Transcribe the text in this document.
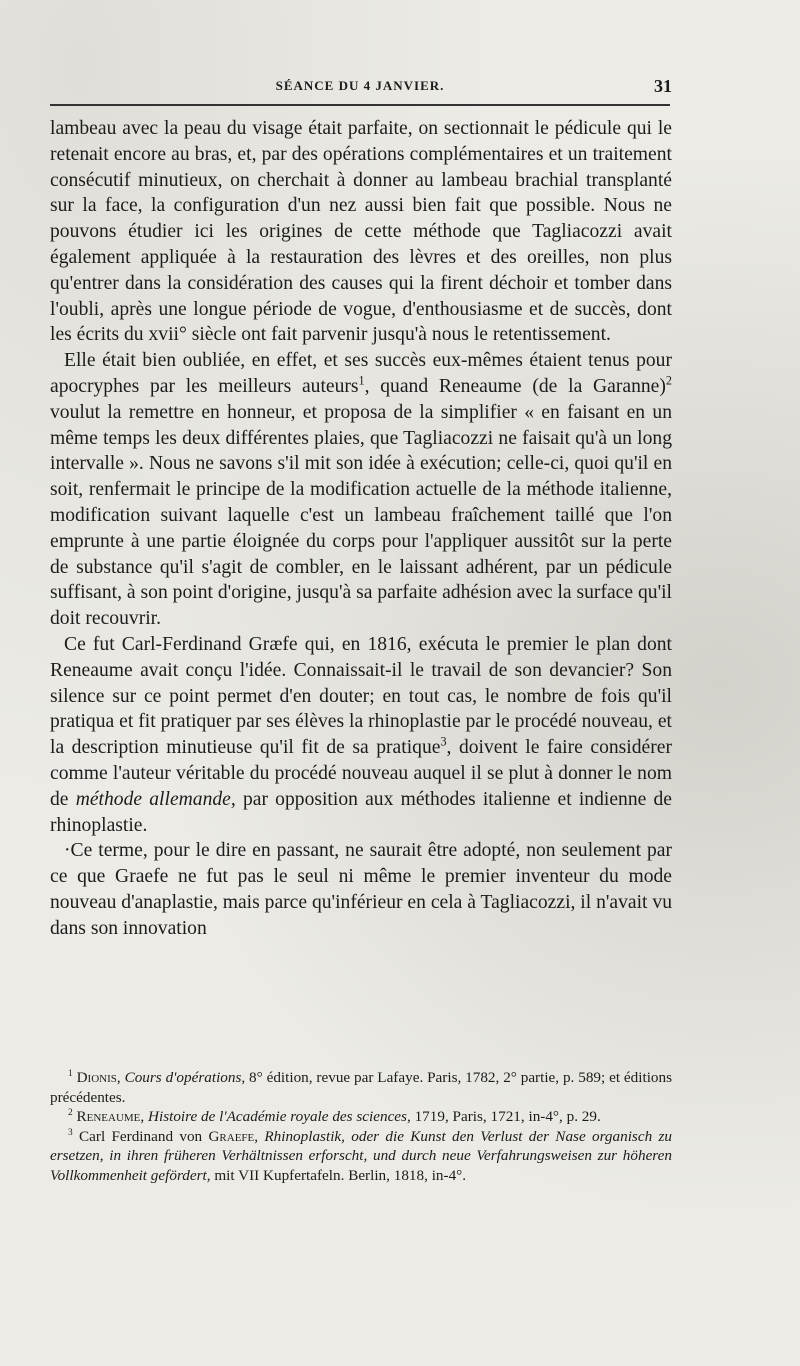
SÉANCE DU 4 JANVIER.	31

lambeau avec la peau du visage était parfaite, on sectionnait le pédicule qui le retenait encore au bras, et, par des opérations complémentaires et un traitement consécutif minutieux, on cherchait à donner au lambeau brachial transplanté sur la face, la configuration d'un nez aussi bien fait que possible. Nous ne pouvons étudier ici les origines de cette méthode que Tagliacozzi avait également appliquée à la restauration des lèvres et des oreilles, non plus qu'entrer dans la considération des causes qui la firent déchoir et tomber dans l'oubli, après une longue période de vogue, d'enthousiasme et de succès, dont les écrits du xvii° siècle ont fait parvenir jusqu'à nous le retentissement.

Elle était bien oubliée, en effet, et ses succès eux-mêmes étaient tenus pour apocryphes par les meilleurs auteurs$^1$, quand Reneaume (de la Garanne)$^2$ voulut la remettre en honneur, et proposa de la simplifier « en faisant en un même temps les deux différentes plaies, que Tagliacozzi ne faisait qu'à un long intervalle ». Nous ne savons s'il mit son idée à exécution; celle-ci, quoi qu'il en soit, renfermait le principe de la modification actuelle de la méthode italienne, modification suivant laquelle c'est un lambeau fraîchement taillé que l'on emprunte à une partie éloignée du corps pour l'appliquer aussitôt sur la perte de substance qu'il s'agit de combler, en le laissant adhérent, par un pédicule suffisant, à son point d'origine, jusqu'à sa parfaite adhésion avec la surface qu'il doit recouvrir.

Ce fut Carl-Ferdinand Græfe qui, en 1816, exécuta le premier le plan dont Reneaume avait conçu l'idée. Connaissait-il le travail de son devancier? Son silence sur ce point permet d'en douter; en tout cas, le nombre de fois qu'il pratiqua et fit pratiquer par ses élèves la rhinoplastie par le procédé nouveau, et la description minutieuse qu'il fit de sa pratique$^3$, doivent le faire considérer comme l'auteur véritable du procédé nouveau auquel il se plut à donner le nom de méthode allemande, par opposition aux méthodes italienne et indienne de rhinoplastie.

·Ce terme, pour le dire en passant, ne saurait être adopté, non seulement par ce que Graefe ne fut pas le seul ni même le premier inventeur du mode nouveau d'anaplastie, mais parce qu'inférieur en cela à Tagliacozzi, il n'avait vu dans son innovation

$^1$ Dionis, Cours d'opérations, 8° édition, revue par Lafaye. Paris, 1782, 2° partie, p. 589; et éditions précédentes.

$^2$ Reneaume, Histoire de l'Académie royale des sciences, 1719, Paris, 1721, in-4°, p. 29.

$^3$ Carl Ferdinand von Graefe, Rhinoplastik, oder die Kunst den Verlust der Nase organisch zu ersetzen, in ihren früheren Verhältnissen erforscht, und durch neue Verfahrungsweisen zur höheren Vollkommenheit gefördert, mit VII Kupfertafeln. Berlin, 1818, in-4°.
